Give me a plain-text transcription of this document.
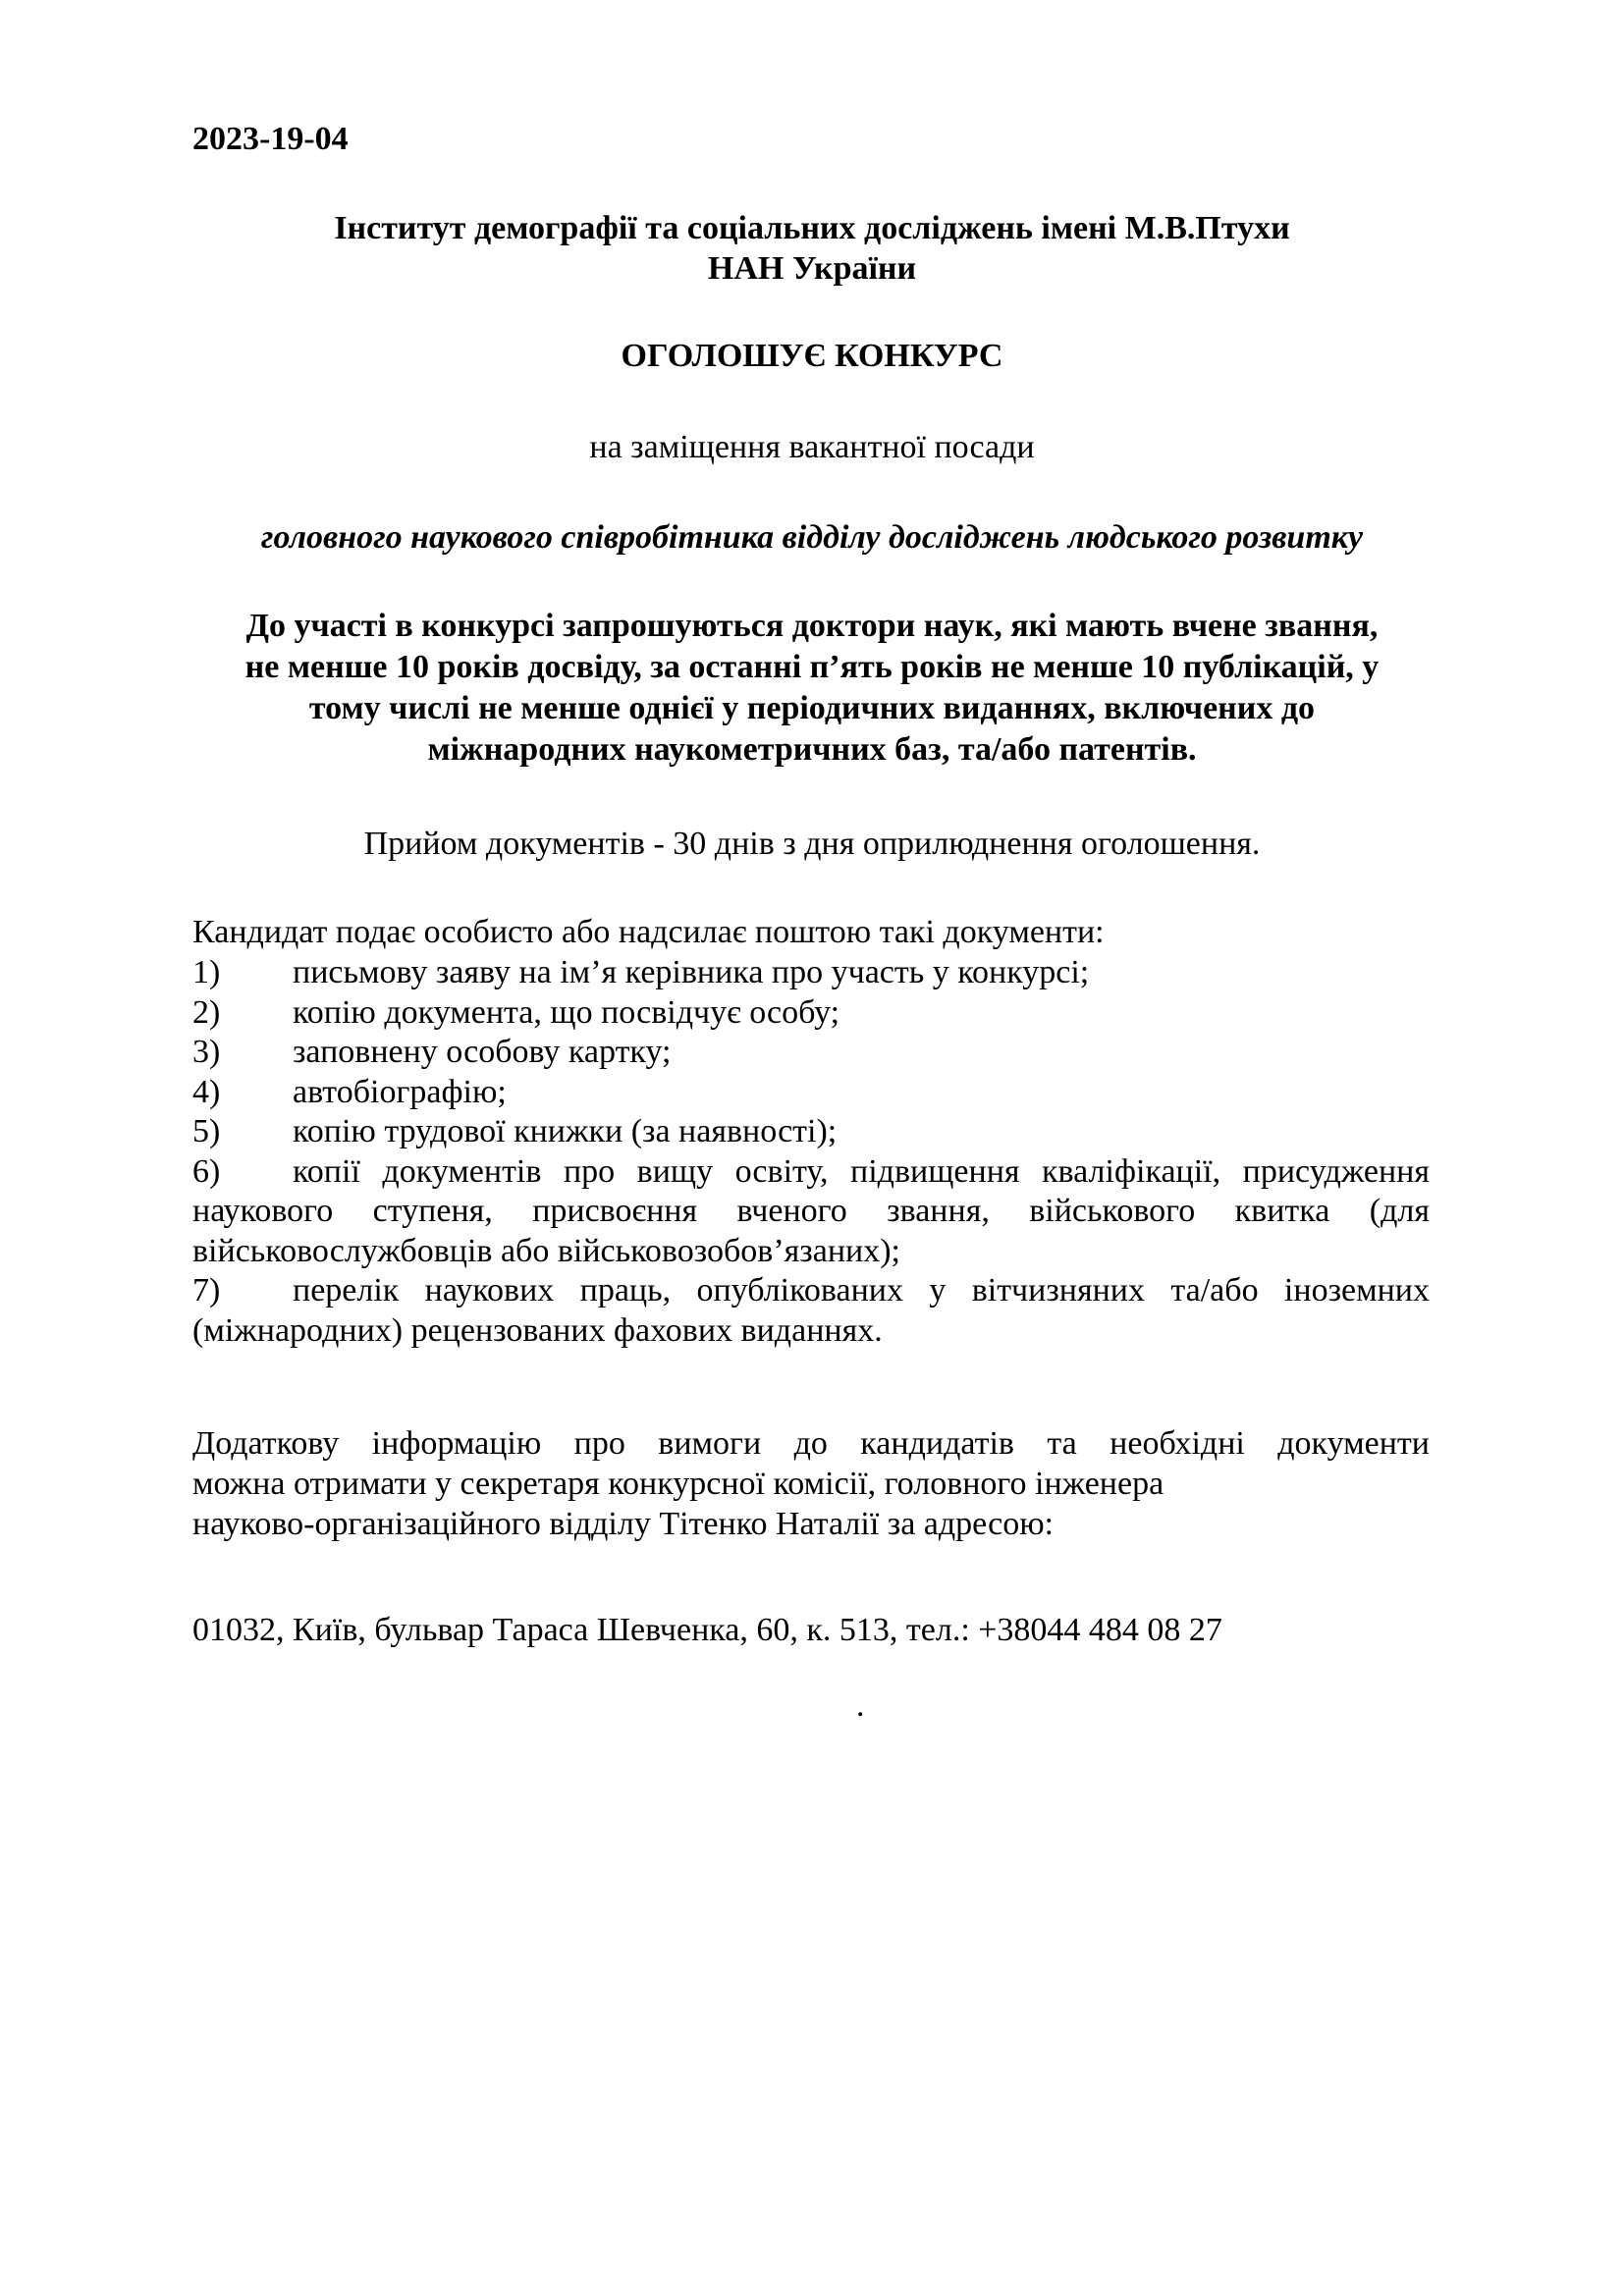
2023-19-04
Інститут демографії та соціальних досліджень імені М.В.Птухи
НАН України
ОГОЛОШУЄ КОНКУРС
на заміщення вакантної посади
головного наукового співробітника відділу досліджень людського розвитку
До участі в конкурсі запрошуються доктори наук, які мають вчене звання,
не менше 10 років досвіду, за останні п’ять років не менше 10 публікацій, у
тому числі не менше однієї у періодичних виданнях, включених до
міжнародних наукометричних баз, та/або патентів.
Прийом документів - 30 днів з дня оприлюднення оголошення.
Кандидат подає особисто або надсилає поштою такі документи:
1) письмову заяву на ім’я керівника про участь у конкурсі;
2) копію документа, що посвідчує особу;
3) заповнену особову картку;
4) автобіографію;
5) копію трудової книжки (за наявності);
6) копії документів про вищу освіту, підвищення кваліфікації, присудження наукового ступеня, присвоєння вченого звання, військового квитка (для військовослужбовців або військовозобов’язаних);
7) перелік наукових праць, опублікованих у вітчизняних та/або іноземних (міжнародних) рецензованих фахових виданнях.
Додаткову інформацію про вимоги до кандидатів та необхідні документи
можна отримати у секретаря конкурсної комісії, головного інженера
науково-організаційного відділу Тітенко Наталії за адресою:
01032, Київ, бульвар Тараса Шевченка, 60, к. 513, тел.: +38044 484 08 27
.
